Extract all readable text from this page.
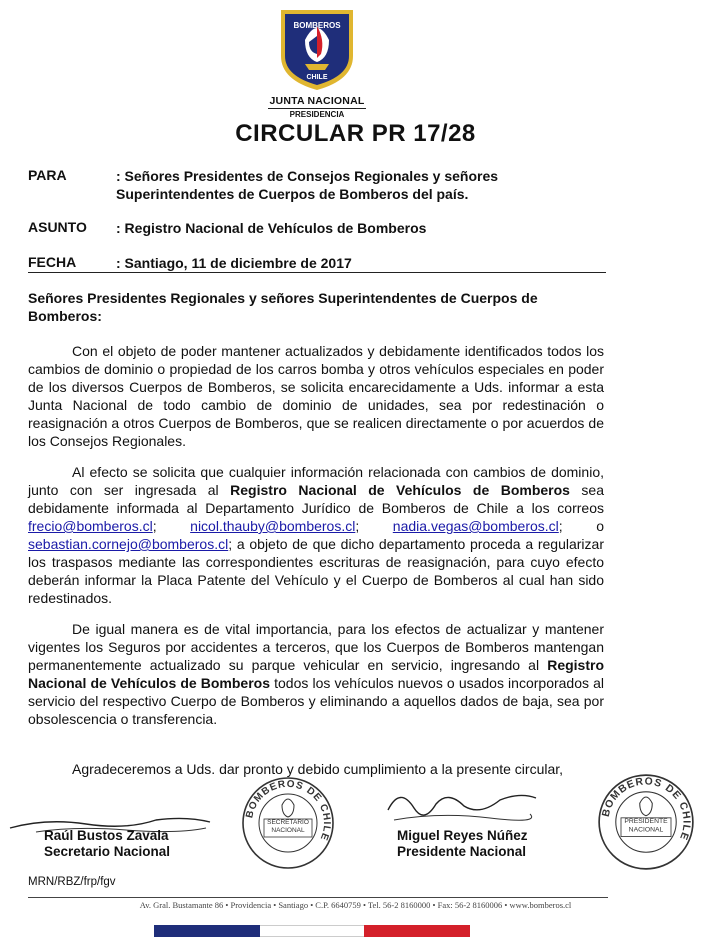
BOMBEROS
CHILE
JUNTA NACIONAL
PRESIDENCIA
CIRCULAR PR 17/28
PARA	: Señores Presidentes de Consejos Regionales y señores Superintendentes de Cuerpos de Bomberos del país.
ASUNTO : Registro Nacional de Vehículos de Bomberos
FECHA	: Santiago, 11 de diciembre de 2017
Señores Presidentes Regionales y señores Superintendentes de Cuerpos de Bomberos:
Con el objeto de poder mantener actualizados y debidamente identificados todos los cambios de dominio o propiedad de los carros bomba y otros vehículos especiales en poder de los diversos Cuerpos de Bomberos, se solicita encarecidamente a Uds. informar a esta Junta Nacional de todo cambio de dominio de unidades, sea por redestinación o reasignación a otros Cuerpos de Bomberos, que se realicen directamente o por acuerdos de los Consejos Regionales.
Al efecto se solicita que cualquier información relacionada con cambios de dominio, junto con ser ingresada al Registro Nacional de Vehículos de Bomberos sea debidamente informada al Departamento Jurídico de Bomberos de Chile a los correos frecio@bomberos.cl; nicol.thauby@bomberos.cl; nadia.vegas@bomberos.cl; o sebastian.cornejo@bomberos.cl; a objeto de que dicho departamento proceda a regularizar los traspasos mediante las correspondientes escrituras de reasignación, para cuyo efecto deberán informar la Placa Patente del Vehículo y el Cuerpo de Bomberos al cual han sido redestinados.
De igual manera es de vital importancia, para los efectos de actualizar y mantener vigentes los Seguros por accidentes a terceros, que los Cuerpos de Bomberos mantengan permanentemente actualizado su parque vehicular en servicio, ingresando al Registro Nacional de Vehículos de Bomberos todos los vehículos nuevos o usados incorporados al servicio del respectivo Cuerpo de Bomberos y eliminando a aquellos dados de baja, sea por obsolescencia o transferencia.
Agradeceremos a Uds. dar pronto y debido cumplimiento a la presente circular,
Raúl Bustos Zavala
Secretario Nacional
BOMBEROS DE CHILE
SECRETARIO NACIONAL	Miguel Reyes Núñez
Presidente Nacional
BOMBEROS DE CHILE
PRESIDENTE NACIONAL
MRN/RBZ/frp/fgv
Av. Gral. Bustamante 86 • Providencia • Santiago • C.P. 6640759 • Tel. 56-2 8160000 • Fax: 56-2 8160006 • www.bomberos.cl
